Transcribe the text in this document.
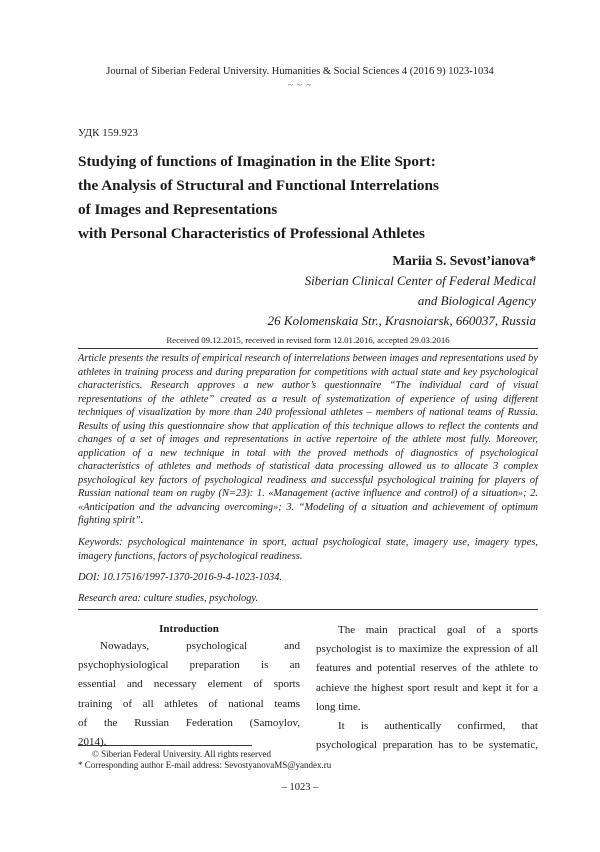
Journal of Siberian Federal University. Humanities & Social Sciences 4 (2016 9) 1023-1034
~ ~ ~
УДК 159.923
Studying of functions of Imagination in the Elite Sport:
the Analysis of Structural and Functional Interrelations
of Images and Representations
with Personal Characteristics of Professional Athletes
Mariia S. Sevost’ianova*
Siberian Clinical Center of Federal Medical
and Biological Agency
26 Kolomenskaia Str., Krasnoiarsk, 660037, Russia
Received 09.12.2015, received in revised form 12.01.2016, accepted 29.03.2016

Article presents the results of empirical research of interrelations between images and representations used by athletes in training process and during preparation for competitions with actual state and key psychological characteristics. Research approves a new author’s questionnaire “The individual card of visual representations of the athlete” created as a result of systematization of experience of using different techniques of visualization by more than 240 professional athletes – members of national teams of Russia. Results of using this questionnaire show that application of this technique allows to reflect the contents and changes of a set of images and representations in active repertoire of the athlete most fully. Moreover, application of a new technique in total with the proved methods of diagnostics of psychological characteristics of athletes and methods of statistical data processing allowed us to allocate 3 complex psychological key factors of psychological readiness and successful psychological training for players of Russian national team on rugby (N=23): 1. «Management (active influence and control) of a situation»; 2. «Anticipation and the advancing overcoming»; 3. “Modeling of a situation and achievement of optimum fighting spirit”.

Keywords: psychological maintenance in sport, actual psychological state, imagery use, imagery types, imagery functions, factors of psychological readiness.

DOI: 10.17516/1997-1370-2016-9-4-1023-1034.
Research area: culture studies, psychology.
Introduction

Nowadays, psychological and

psychophysiological preparation is an

essential and necessary element of sports

training of all athletes of national teams

of the Russian Federation (Samoylov,

2014).

The main practical goal of a sports

psychologist is to maximize the expression of all

features and potential reserves of the athlete to

achieve the highest sport result and kept it for a

long time.

It is authentically confirmed, that

psychological preparation has to be systematic,

© Siberian Federal University. All rights reserved
* Corresponding author E-mail address: SevostyanovaMS@yandex.ru
– 1023 –
